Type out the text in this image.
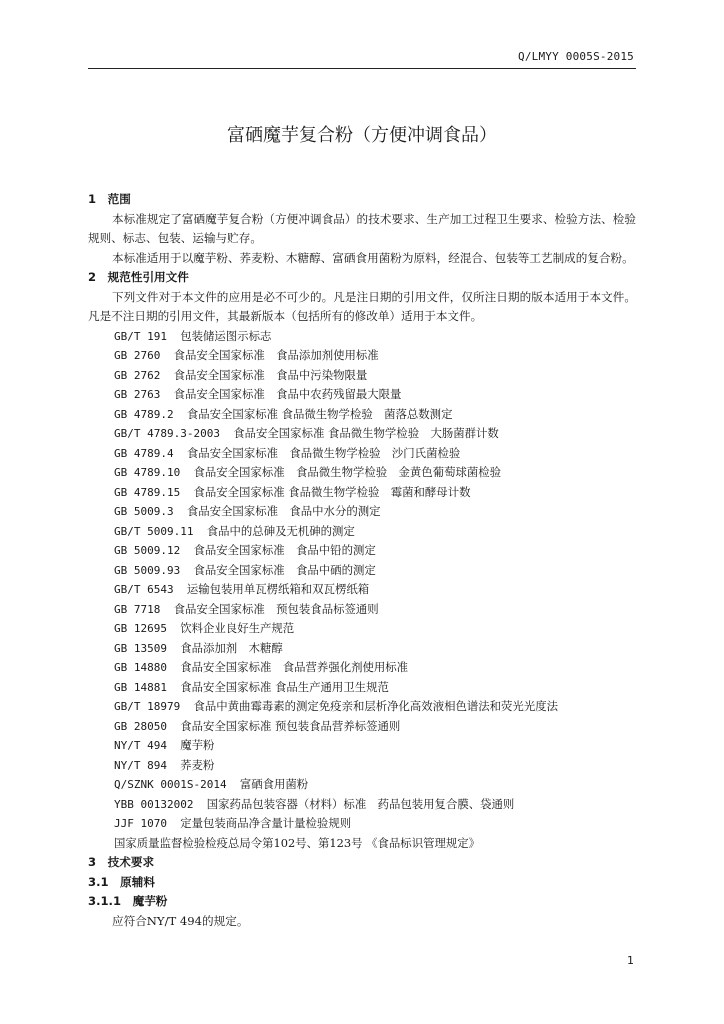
Q/LMYY 0005S-2015
富硒魔芋复合粉（方便冲调食品）
1　范围
本标准规定了富硒魔芋复合粉（方便冲调食品）的技术要求、生产加工过程卫生要求、检验方法、检验规则、标志、包装、运输与贮存。
本标准适用于以魔芋粉、荞麦粉、木糖醇、富硒食用菌粉为原料，经混合、包装等工艺制成的复合粉。
2　规范性引用文件
下列文件对于本文件的应用是必不可少的。凡是注日期的引用文件，仅所注日期的版本适用于本文件。凡是不注日期的引用文件，其最新版本（包括所有的修改单）适用于本文件。
GB/T 191 包装储运图示标志
GB 2760 食品安全国家标准　食品添加剂使用标准
GB 2762 食品安全国家标准　食品中污染物限量
GB 2763 食品安全国家标准　食品中农药残留最大限量
GB 4789.2 食品安全国家标准 食品微生物学检验　菌落总数测定
GB/T 4789.3-2003 食品安全国家标准 食品微生物学检验　大肠菌群计数
GB 4789.4 食品安全国家标准　食品微生物学检验　沙门氏菌检验
GB 4789.10 食品安全国家标准　食品微生物学检验　金黄色葡萄球菌检验
GB 4789.15 食品安全国家标准 食品微生物学检验　霉菌和酵母计数
GB 5009.3 食品安全国家标准　食品中水分的测定
GB/T 5009.11 食品中的总砷及无机砷的测定
GB 5009.12 食品安全国家标准　食品中铅的测定
GB 5009.93 食品安全国家标准　食品中硒的测定
GB/T 6543 运输包装用单瓦楞纸箱和双瓦楞纸箱
GB 7718 食品安全国家标准　预包装食品标签通则
GB 12695 饮料企业良好生产规范
GB 13509 食品添加剂　木糖醇
GB 14880 食品安全国家标准　食品营养强化剂使用标准
GB 14881 食品安全国家标准 食品生产通用卫生规范
GB/T 18979 食品中黄曲霉毒素的测定免疫亲和层析净化高效液相色谱法和荧光光度法
GB 28050 食品安全国家标准 预包装食品营养标签通则
NY/T 494 魔芋粉
NY/T 894 荞麦粉
Q/SZNK 0001S-2014 富硒食用菌粉
YBB 00132002 国家药品包装容器（材料）标准　药品包装用复合膜、袋通则
JJF 1070 定量包装商品净含量计量检验规则
国家质量监督检验检疫总局令第102号、第123号 《食品标识管理规定》
3　技术要求
3.1　原辅料
3.1.1　魔芋粉
应符合NY/T 494的规定。
1
